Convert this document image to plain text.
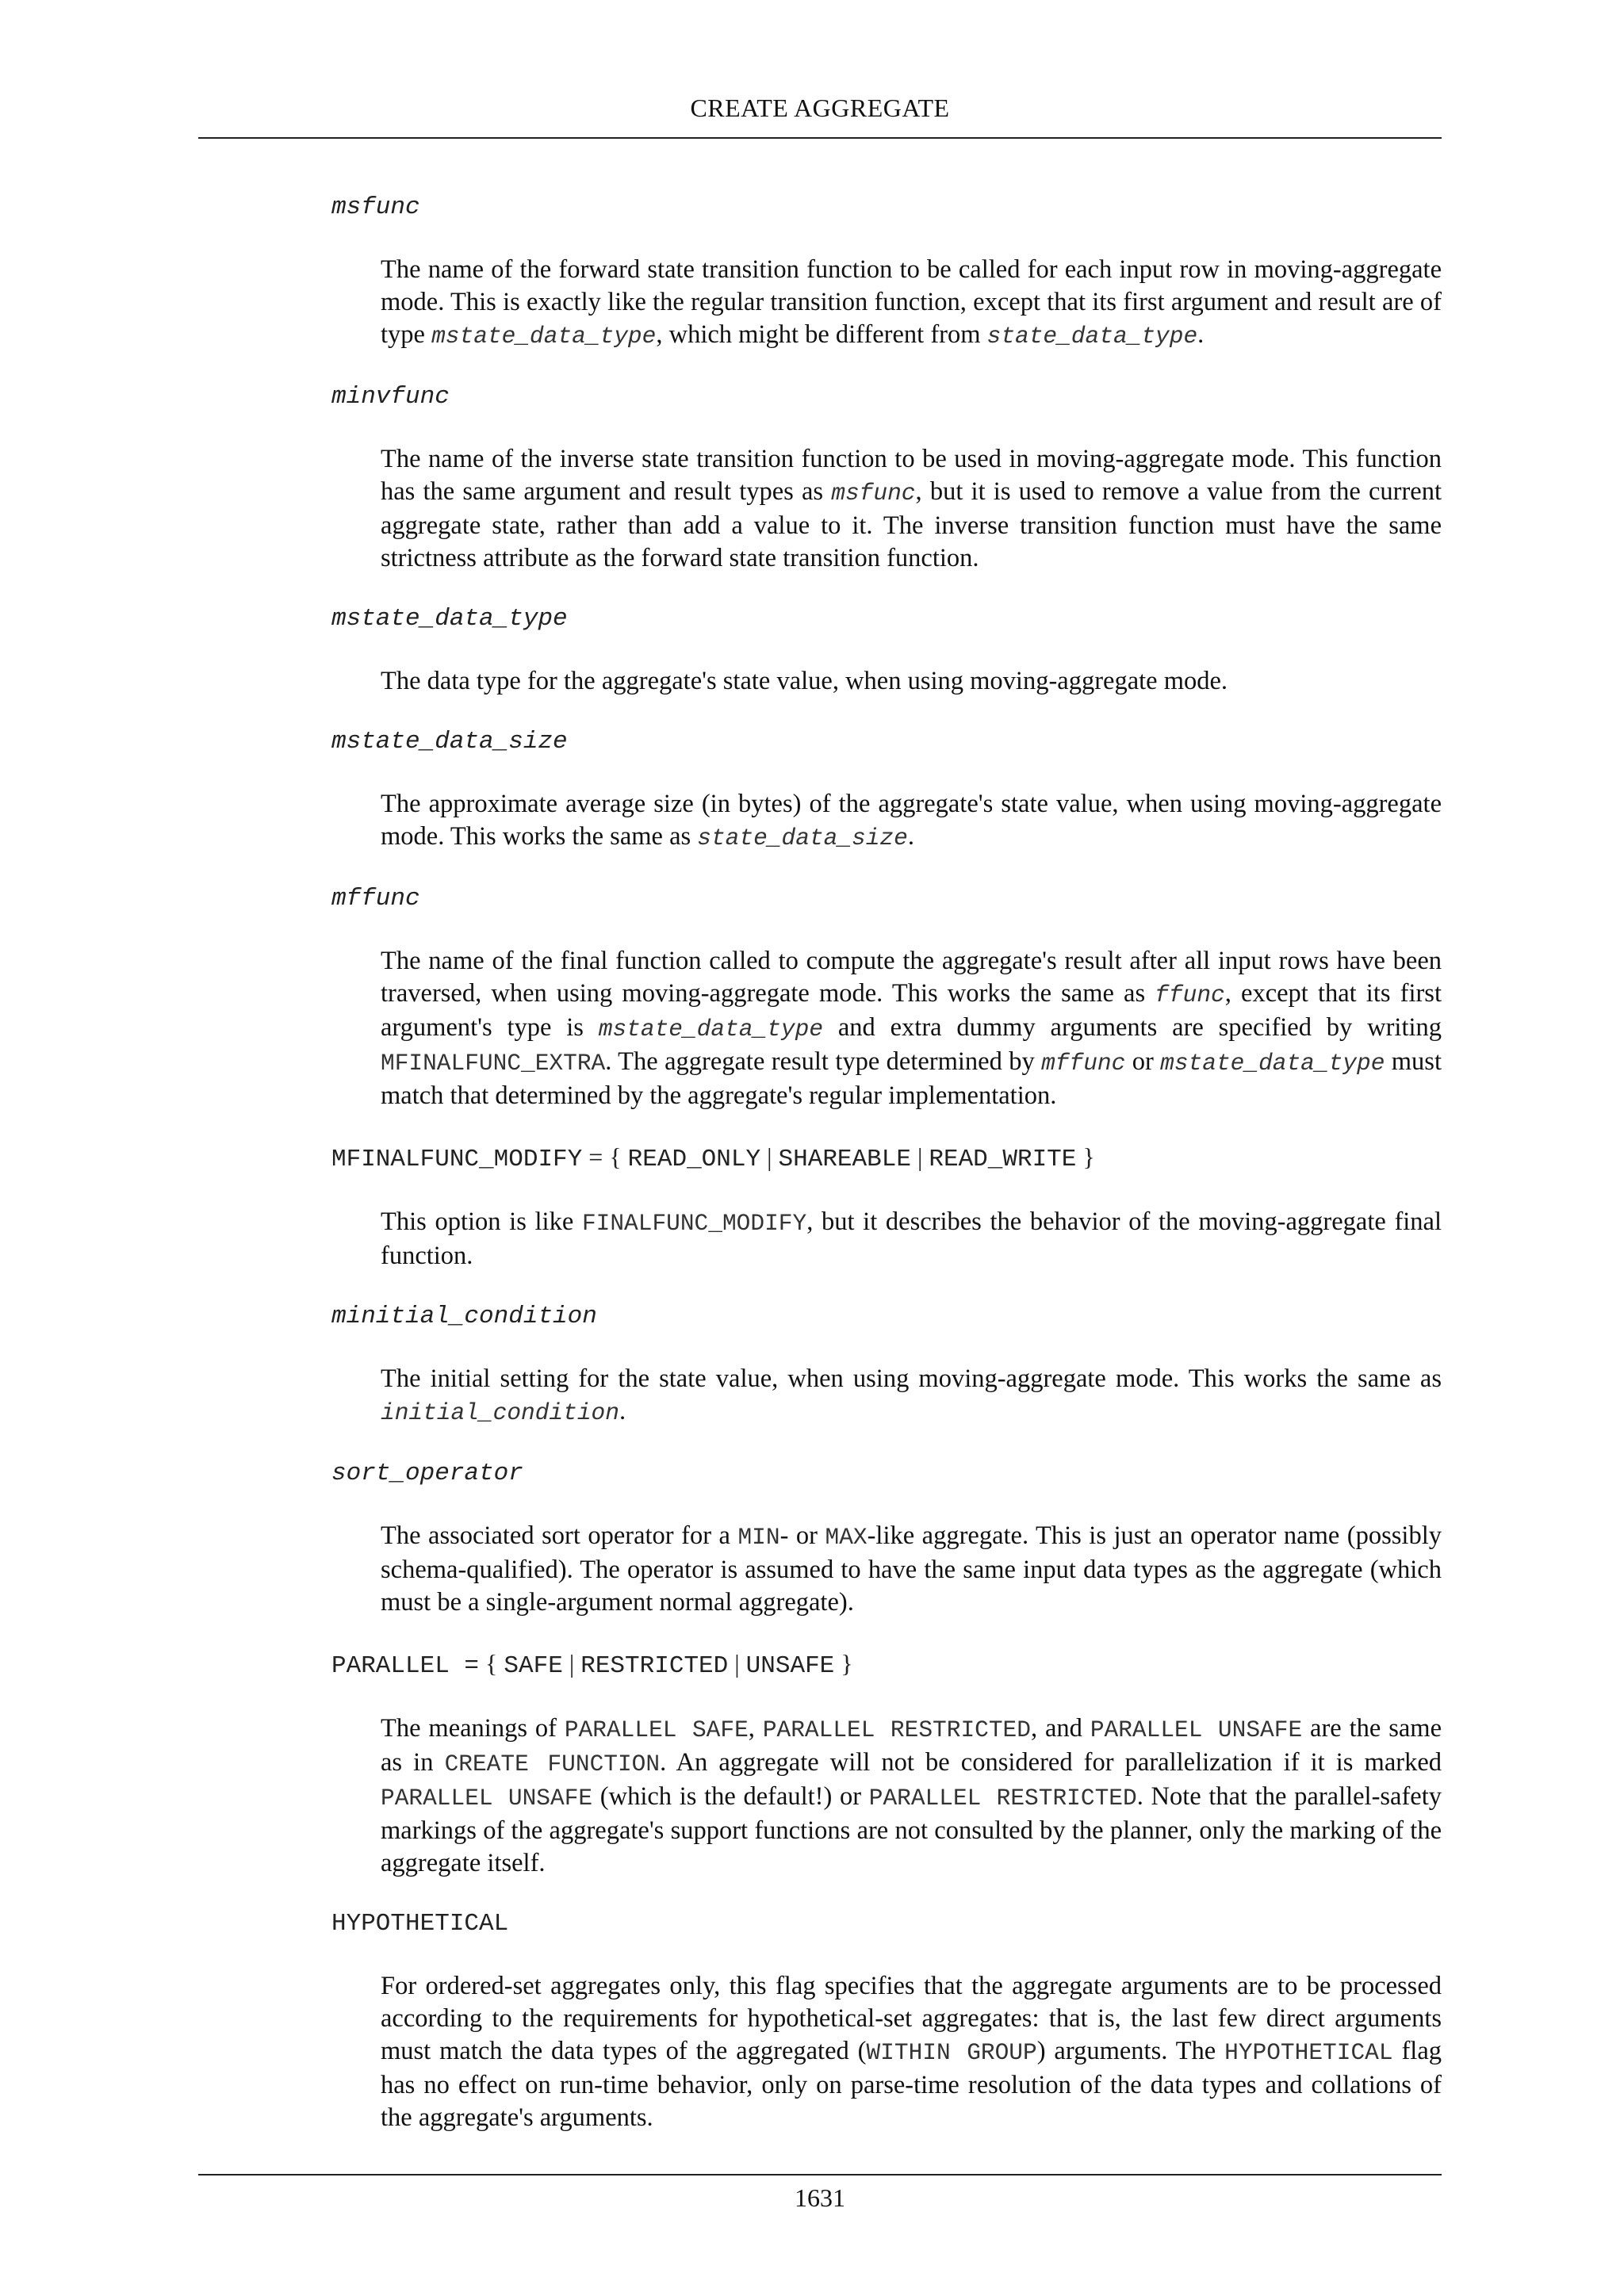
CREATE AGGREGATE

msfunc

The name of the forward state transition function to be called for each input row in moving-aggregate mode. This is exactly like the regular transition function, except that its first argument and result are of type mstate_data_type, which might be different from state_data_type.

minvfunc

The name of the inverse state transition function to be used in moving-aggregate mode. This function has the same argument and result types as msfunc, but it is used to remove a value from the current aggregate state, rather than add a value to it. The inverse transition function must have the same strictness attribute as the forward state transition function.

mstate_data_type

The data type for the aggregate's state value, when using moving-aggregate mode.

mstate_data_size

The approximate average size (in bytes) of the aggregate's state value, when using moving-aggregate mode. This works the same as state_data_size.

mffunc

The name of the final function called to compute the aggregate's result after all input rows have been traversed, when using moving-aggregate mode. This works the same as ffunc, except that its first argument's type is mstate_data_type and extra dummy arguments are specified by writing MFINALFUNC_EXTRA. The aggregate result type determined by mffunc or mstate_data_type must match that determined by the aggregate's regular implementation.

MFINALFUNC_MODIFY = { READ_ONLY | SHAREABLE | READ_WRITE }

This option is like FINALFUNC_MODIFY, but it describes the behavior of the moving-aggregate final function.

minitial_condition

The initial setting for the state value, when using moving-aggregate mode. This works the same as initial_condition.

sort_operator

The associated sort operator for a MIN- or MAX-like aggregate. This is just an operator name (possibly schema-qualified). The operator is assumed to have the same input data types as the aggregate (which must be a single-argument normal aggregate).

PARALLEL = { SAFE | RESTRICTED | UNSAFE }

The meanings of PARALLEL SAFE, PARALLEL RESTRICTED, and PARALLEL UNSAFE are the same as in CREATE FUNCTION. An aggregate will not be considered for parallelization if it is marked PARALLEL UNSAFE (which is the default!) or PARALLEL RESTRICTED. Note that the parallel-safety markings of the aggregate's support functions are not consulted by the planner, only the marking of the aggregate itself.

HYPOTHETICAL

For ordered-set aggregates only, this flag specifies that the aggregate arguments are to be processed according to the requirements for hypothetical-set aggregates: that is, the last few direct arguments must match the data types of the aggregated (WITHIN GROUP) arguments. The HYPOTHETICAL flag has no effect on run-time behavior, only on parse-time resolution of the data types and collations of the aggregate's arguments.

1631
